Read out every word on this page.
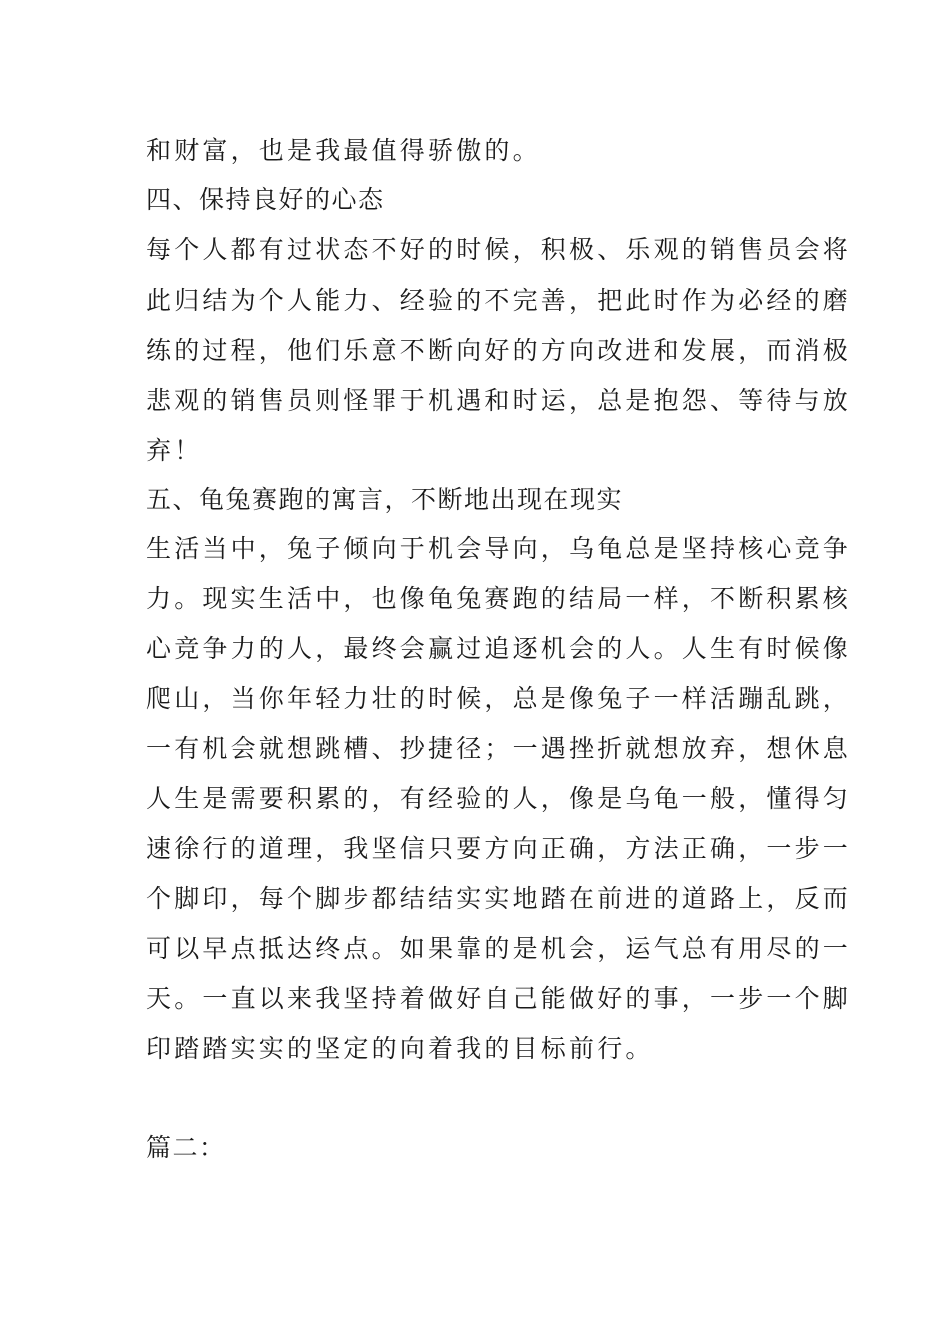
和财富，也是我最值得骄傲的。
四、保持良好的心态
每个人都有过状态不好的时候，积极、乐观的销售员会将
此归结为个人能力、经验的不完善，把此时作为必经的磨
练的过程，他们乐意不断向好的方向改进和发展，而消极
悲观的销售员则怪罪于机遇和时运，总是抱怨、等待与放
弃！
五、龟兔赛跑的寓言，不断地出现在现实
生活当中，兔子倾向于机会导向，乌龟总是坚持核心竞争
力。现实生活中，也像龟兔赛跑的结局一样，不断积累核
心竞争力的人，最终会赢过追逐机会的人。人生有时候像
爬山，当你年轻力壮的时候，总是像兔子一样活蹦乱跳，
一有机会就想跳槽、抄捷径；一遇挫折就想放弃，想休息
人生是需要积累的，有经验的人，像是乌龟一般，懂得匀
速徐行的道理，我坚信只要方向正确，方法正确，一步一
个脚印，每个脚步都结结实实地踏在前进的道路上，反而
可以早点抵达终点。如果靠的是机会，运气总有用尽的一
天。一直以来我坚持着做好自己能做好的事，一步一个脚
印踏踏实实的坚定的向着我的目标前行。
篇二：
